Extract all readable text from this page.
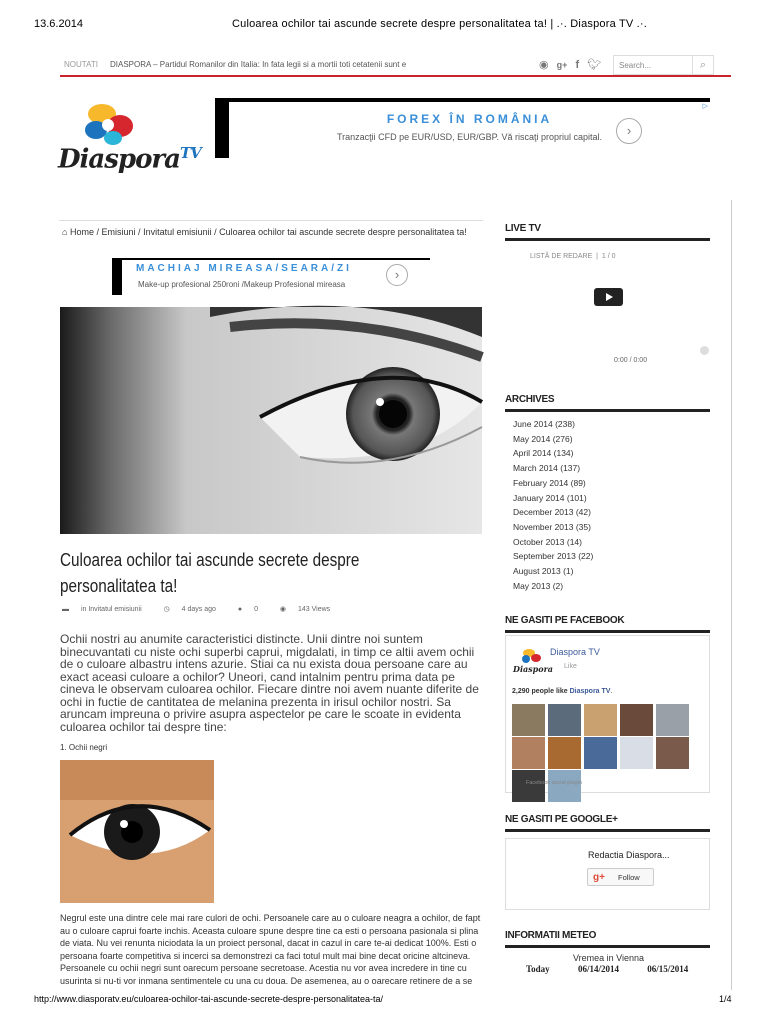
13.6.2014	Culoarea ochilor tai ascunde secrete despre personalitatea ta! | .·. Diaspora TV .·.
NOUTATI DIASPORA – Partidul Romanilor din Italia: In fata legii si a mortii toti cetatenii sunt e	◉ g+ f 🐦︎	Search...	⌕
Diaspora$^{TV}$
FOREX ÎN ROMÂNIA
Tranzacţii CFD pe EUR/USD, EUR/GBP. Vă riscaţi propriul capital.	›
▷
⌂ Home / Emisiuni / Invitatul emisiunii / Culoarea ochilor tai ascunde secrete despre personalitatea ta!
MACHIAJ MIREASA/SEARA/ZI
Make-up profesional 250roni /Makeup Profesional mireasa
›
Culoarea ochilor tai ascunde secrete despre
personalitatea ta!
▬ in Invitatul emisiunii	◷ 4 days ago	● 0	◉ 143 Views
Ochii nostri au anumite caracteristici distincte. Unii dintre noi suntem binecuvantati cu niste ochi superbi caprui, migdalati, in timp ce altii avem ochii de o culoare albastru intens azurie. Stiai ca nu exista doua persoane care au exact aceasi culoare a ochilor? Uneori, cand intalnim pentru prima data pe cineva le observam culoarea ochilor. Fiecare dintre noi avem nuante diferite de ochi in fuctie de cantitatea de melanina prezenta in irisul ochilor nostri. Sa aruncam impreuna o privire asupra aspectelor pe care le scoate in evidenta culoarea ochilor tai despre tine:
1. Ochii negri
Negrul este una dintre cele mai rare culori de ochi. Persoanele care au o culoare neagra a ochilor, de fapt au o culoare caprui foarte inchis. Aceasta culoare spune despre tine ca esti o persoana pasionala si plina de viata. Nu vei renunta niciodata la un proiect personal, dacat in cazul in care te-ai dedicat 100%. Esti o persoana foarte competitiva si incerci sa demonstrezi ca faci totul mult mai bine decat oricine altcineva. Persoanele cu ochii negri sunt oarecum persoane secretoase. Acestia nu vor avea incredere in tine cu usurinta si nu-ti vor inmana sentimentele cu una cu doua. De asemenea, au o oarecare retinere de a se
LIVE TV
LISTĂ DE REDARE  |  1 / 0
0:00 / 0:00
ARCHIVES
June 2014 (238)
May 2014 (276)
April 2014 (134)
March 2014 (137)
February 2014 (89)
January 2014 (101)
December 2013 (42)
November 2013 (35)
October 2013 (14)
September 2013 (22)
August 2013 (1)
May 2013 (2)
NE GASITI PE FACEBOOK
Diaspora
Diaspora TV
Like
2,290 people like Diaspora TV.
Facebook social plugin
NE GASITI PE GOOGLE+
Redactia Diaspora...
g+ Follow
INFORMATII METEO
Vremea in Vienna
Today	06/14/2014	06/15/2014
http://www.diasporatv.eu/culoarea-ochilor-tai-ascunde-secrete-despre-personalitatea-ta/	1/4
